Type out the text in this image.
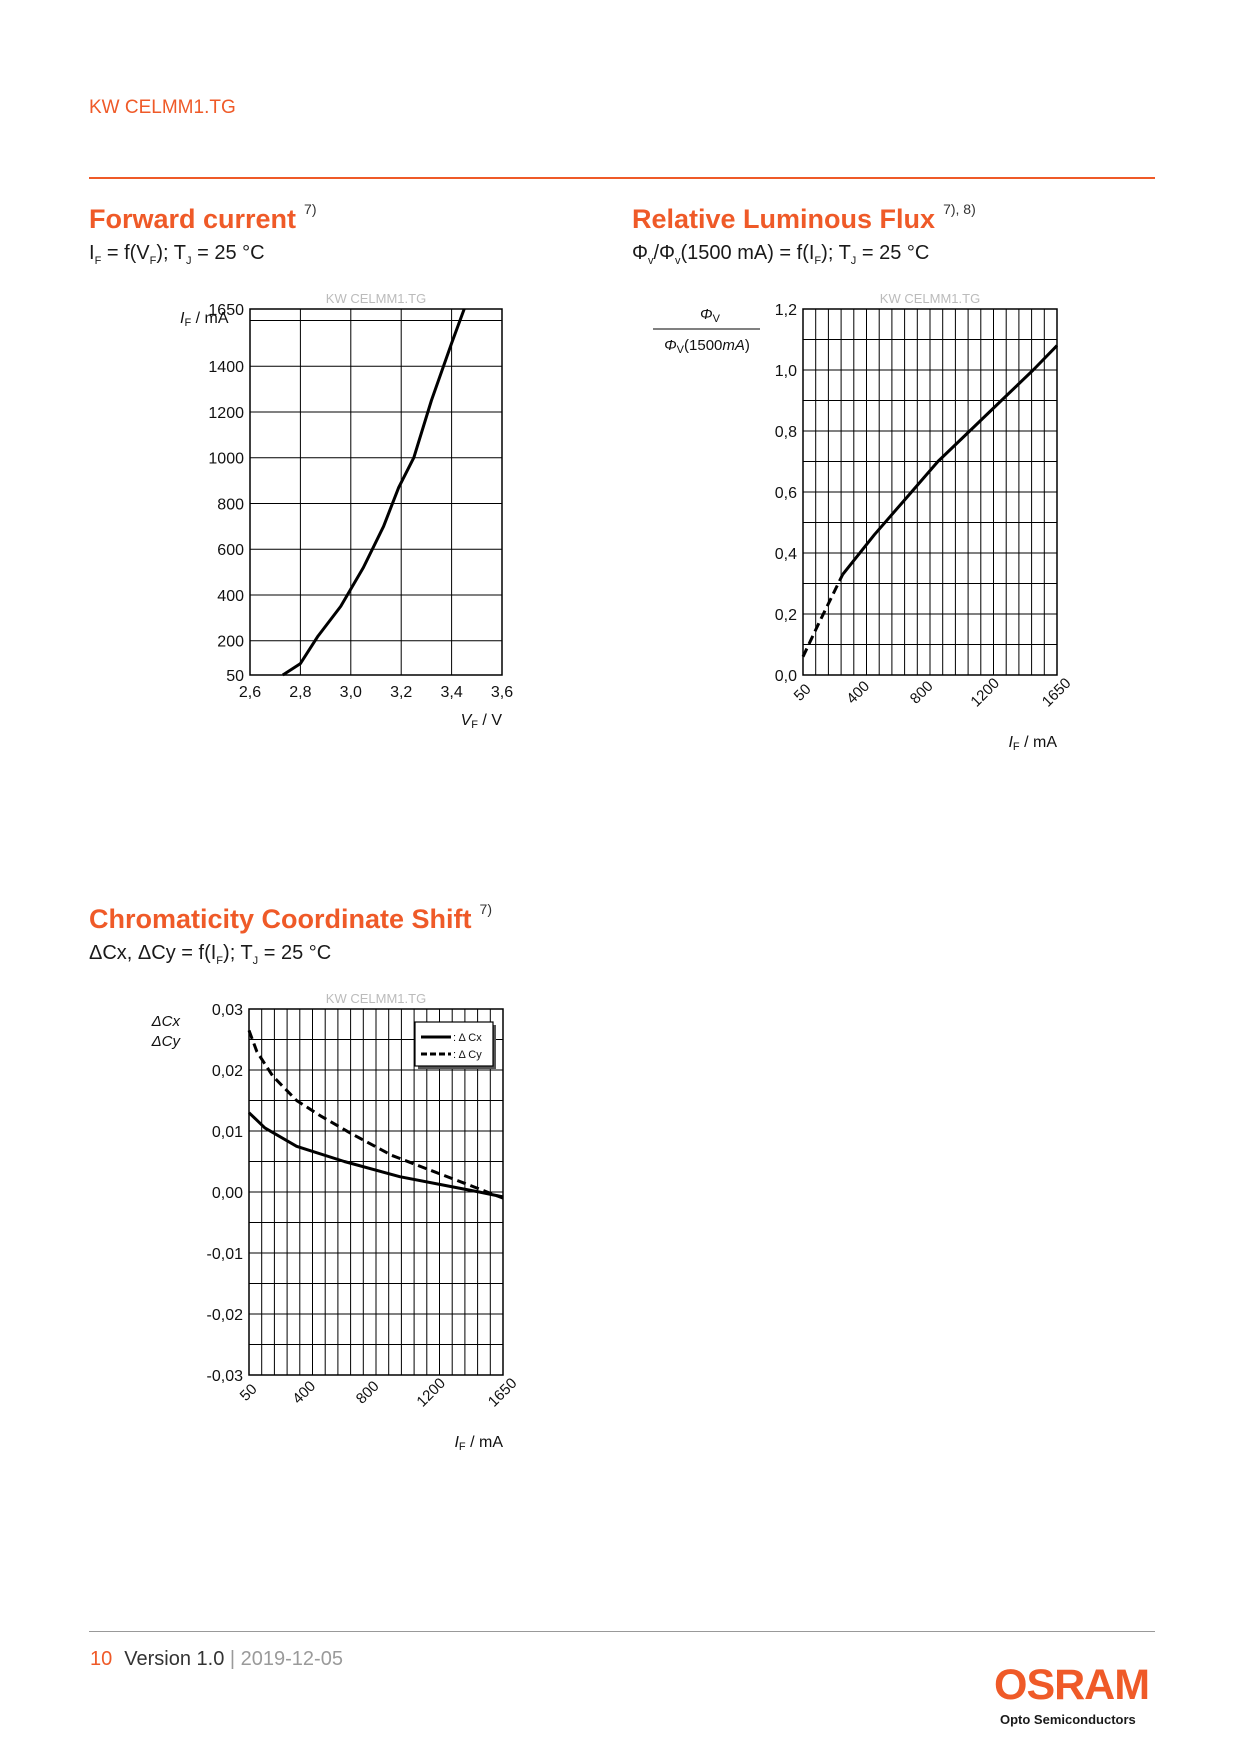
KW CELMM1.TG
Forward current $^{7)}$
$I_F = f(V_F)$; $T_J = 25$ °C
50
200
400
600
800
1000
1200
1400
1650
2,6 2,8 3,0 3,2 3,4 3,6
KW CELMM1.TG
IF / mA
VF / V
Relative Luminous Flux $^{7), 8)}$
$\Phi_v/\Phi_v(1500$ $mA) = f(I_F)$; $T_J = 25$ °C
0,0
0,2
0,4
0,6
0,8
1,0
1,2
50 400 800 1200 1650
KW CELMM1.TG
$\Phi_V$
$\Phi_V(1500mA)$
IF / mA
Chromaticity Coordinate Shift $^{7)}$
ΔCx, $\Delta Cy = f(I_F)$; $T_J = 25$ °C
-0,03
-0,02
-0,01
0,00
0,01
0,02
0,03
50 400 800 1200 1650
KW CELMM1.TG
ΔCx
ΔCy
IF / mA
: Δ Cx
: Δ Cy
10 Version 1.0 | 2019-12-05
OSRAM
Opto Semiconductors
